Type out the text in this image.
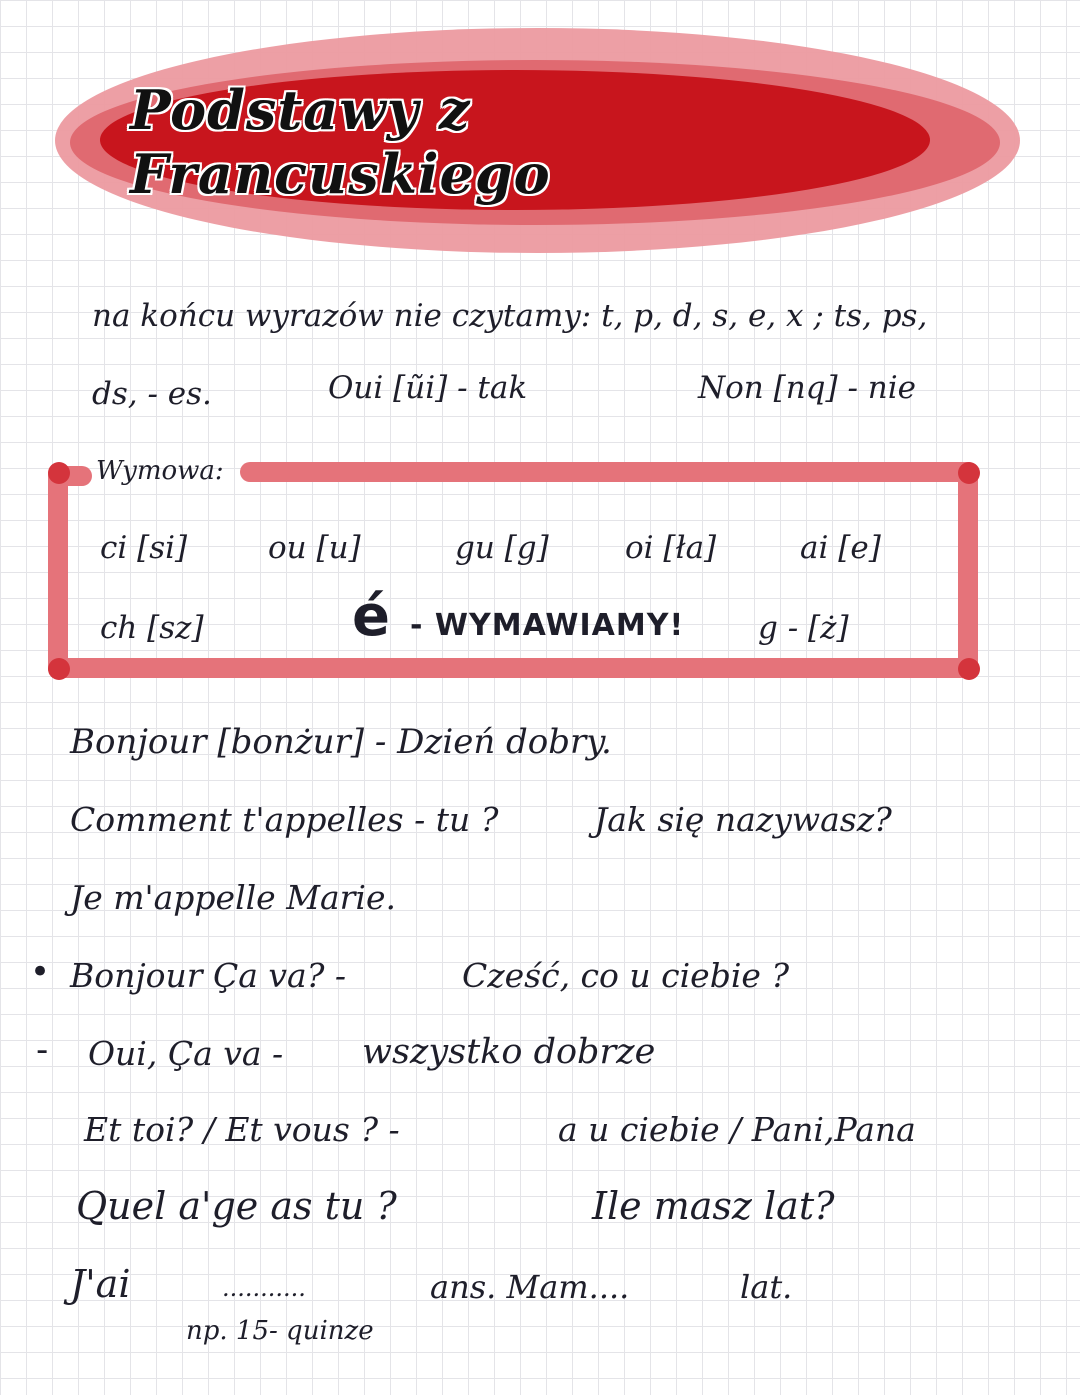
Podstawy z Francuskiego
na końcu wyrazów nie czytamy: t, p, d, s, e, x ; ts, ps,
ds, - es.	Oui [ũi] - tak	Non [nq] - nie
Wymowa:
ci [si]	ou [u]	gu [g] oi [ła]	ai [e]
ch [sz]	é - WYMAWIAMY! g - [ż]
Bonjour [bonżur] - Dzień dobry.
Comment t'appelles - tu ?	Jak się nazywasz?
Je m'appelle Marie.
• Bonjour Ça va? -	Cześć, co u ciebie ?
- Oui, Ça va - wszystko dobrze
Et toi? / Et vous ? -	a u ciebie / Pani,Pana
Quel a'ge as tu ?	Ile masz lat?
J'ai	...........	ans. Mam....	lat.
np. 15- quinze
